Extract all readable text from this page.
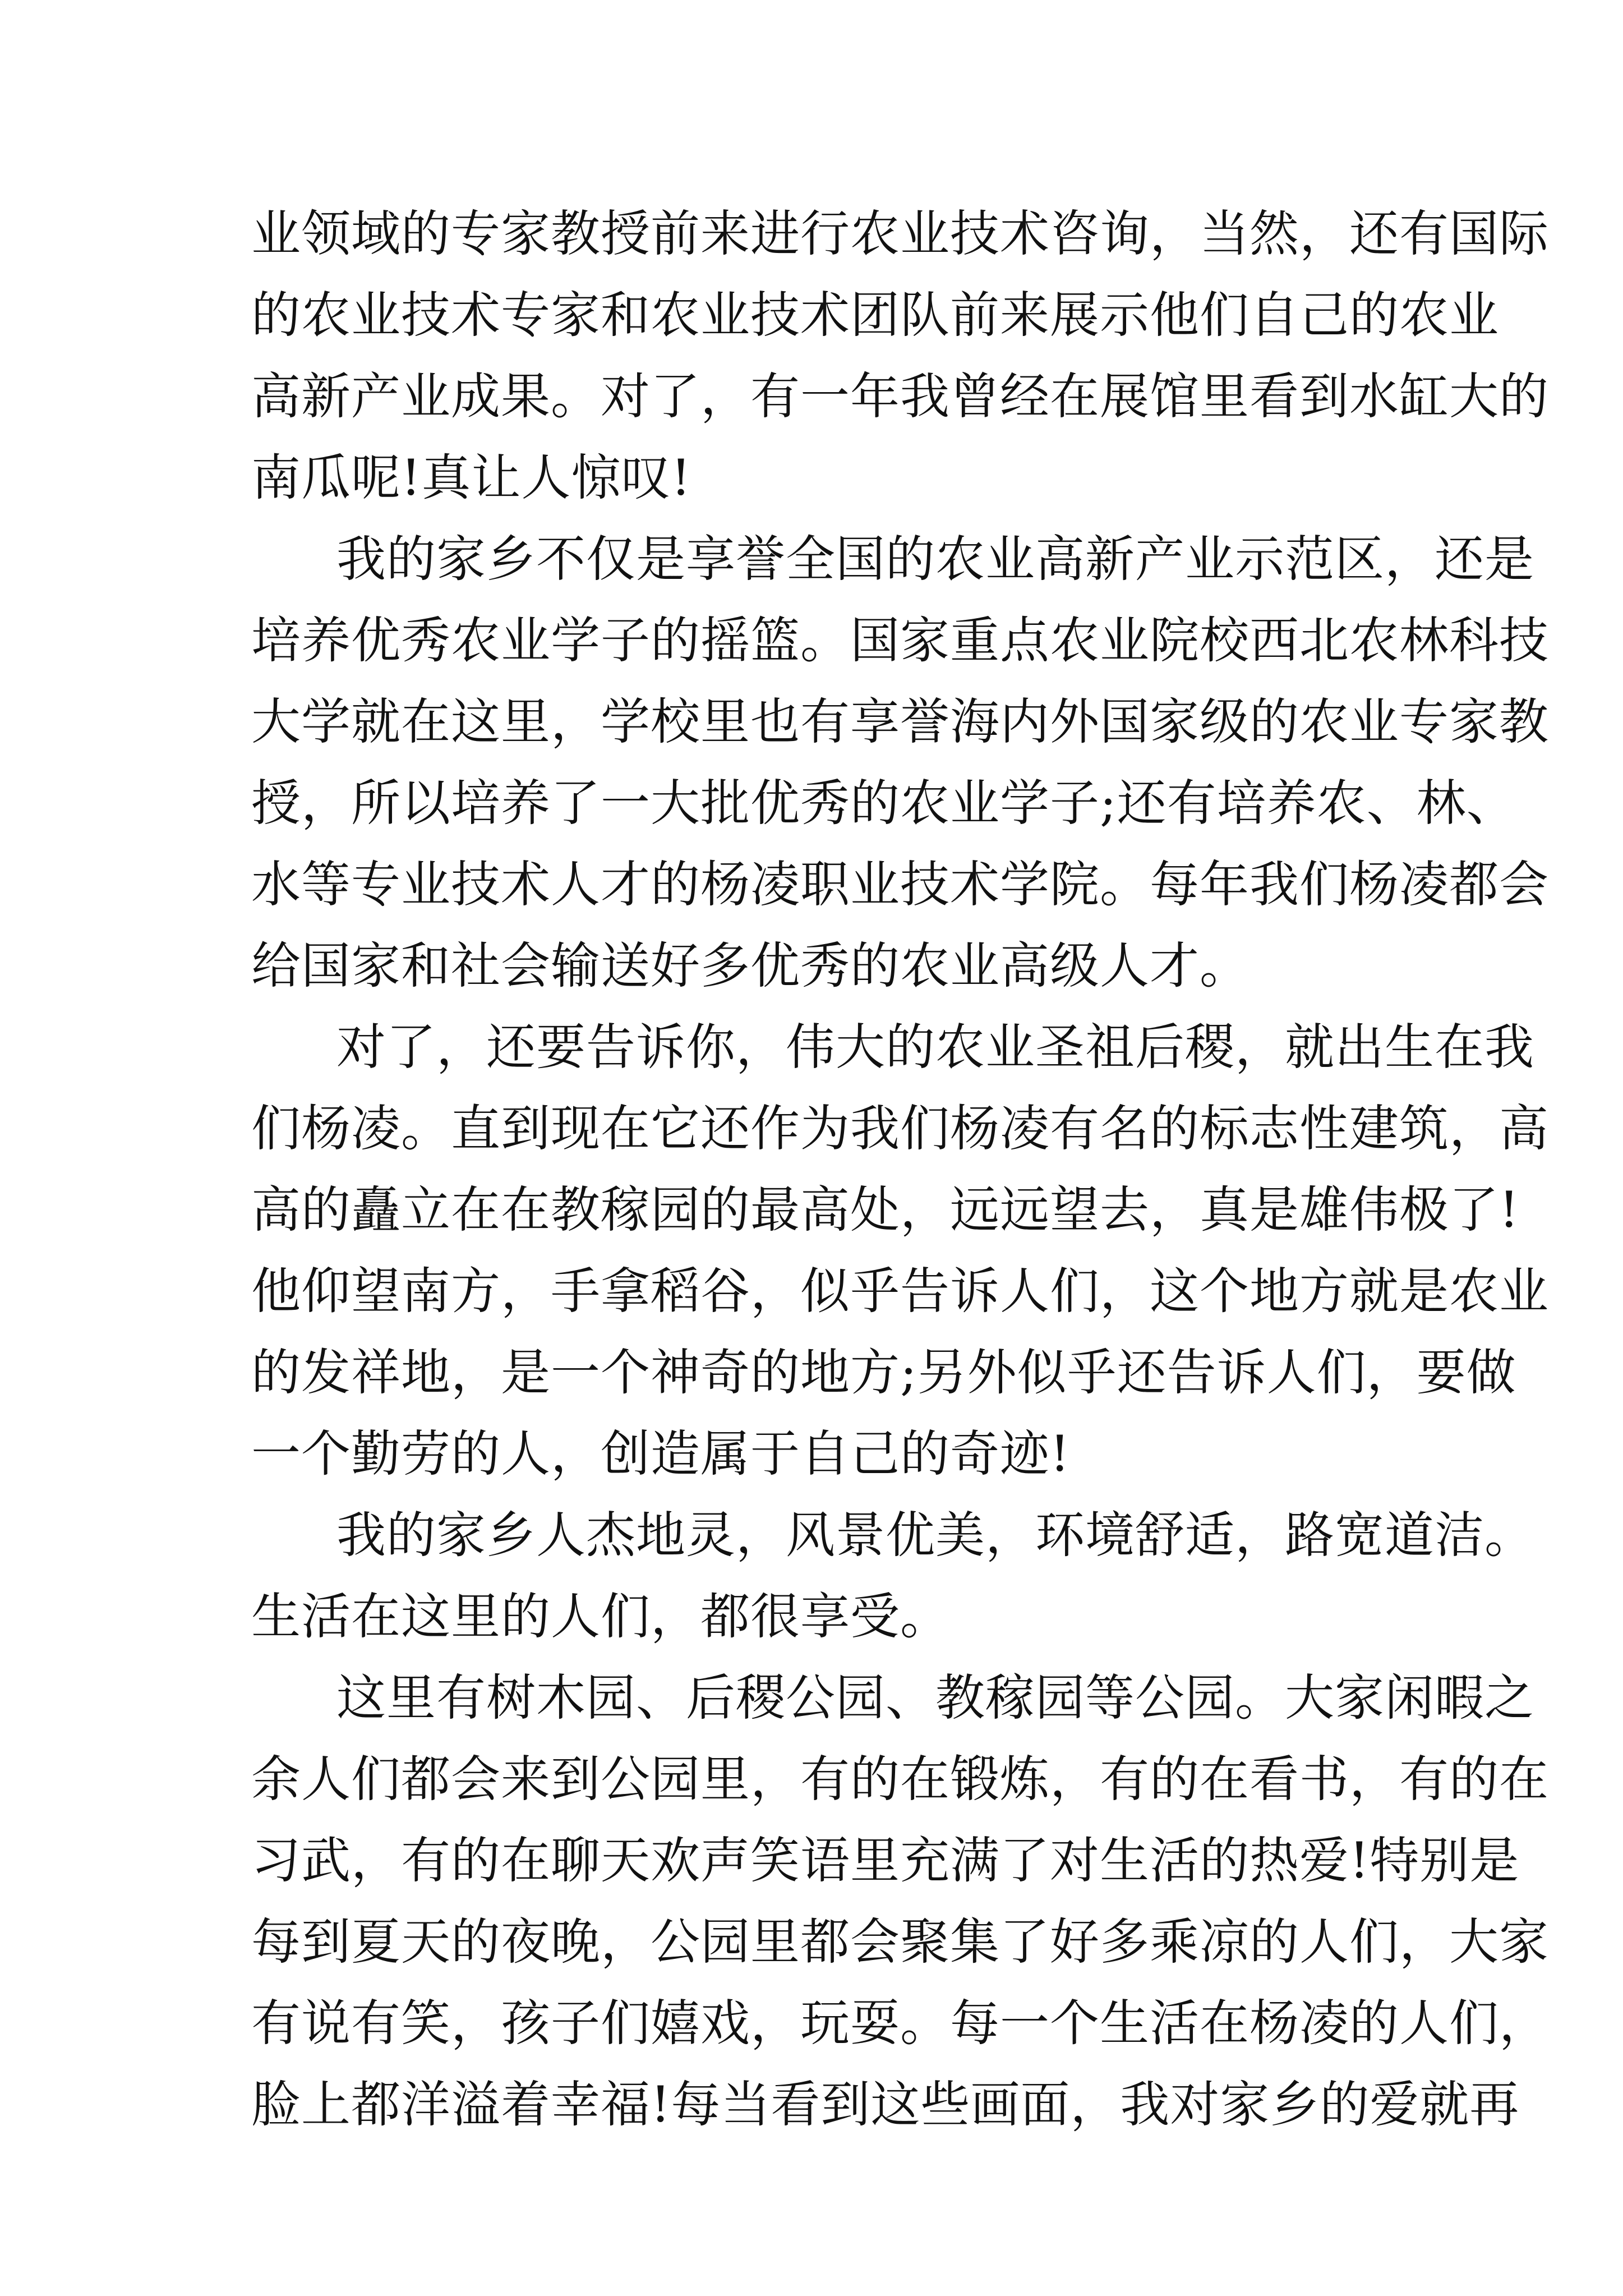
业领域的专家教授前来进行农业技术咨询，当然，还有国际
的农业技术专家和农业技术团队前来展示他们自己的农业
高新产业成果。对了，有一年我曾经在展馆里看到水缸大的
南瓜呢!真让人惊叹!
我的家乡不仅是享誉全国的农业高新产业示范区，还是
培养优秀农业学子的摇篮。国家重点农业院校西北农林科技
大学就在这里，学校里也有享誉海内外国家级的农业专家教
授，所以培养了一大批优秀的农业学子;还有培养农、林、
水等专业技术人才的杨凌职业技术学院。每年我们杨凌都会
给国家和社会输送好多优秀的农业高级人才。
对了，还要告诉你，伟大的农业圣祖后稷，就出生在我
们杨凌。直到现在它还作为我们杨凌有名的标志性建筑，高
高的矗立在在教稼园的最高处，远远望去，真是雄伟极了!
他仰望南方，手拿稻谷，似乎告诉人们，这个地方就是农业
的发祥地，是一个神奇的地方;另外似乎还告诉人们，要做
一个勤劳的人，创造属于自己的奇迹!
我的家乡人杰地灵，风景优美，环境舒适，路宽道洁。
生活在这里的人们，都很享受。
这里有树木园、后稷公园、教稼园等公园。大家闲暇之
余人们都会来到公园里，有的在锻炼，有的在看书，有的在
习武，有的在聊天欢声笑语里充满了对生活的热爱!特别是
每到夏天的夜晚，公园里都会聚集了好多乘凉的人们，大家
有说有笑，孩子们嬉戏，玩耍。每一个生活在杨凌的人们，
脸上都洋溢着幸福!每当看到这些画面，我对家乡的爱就再
